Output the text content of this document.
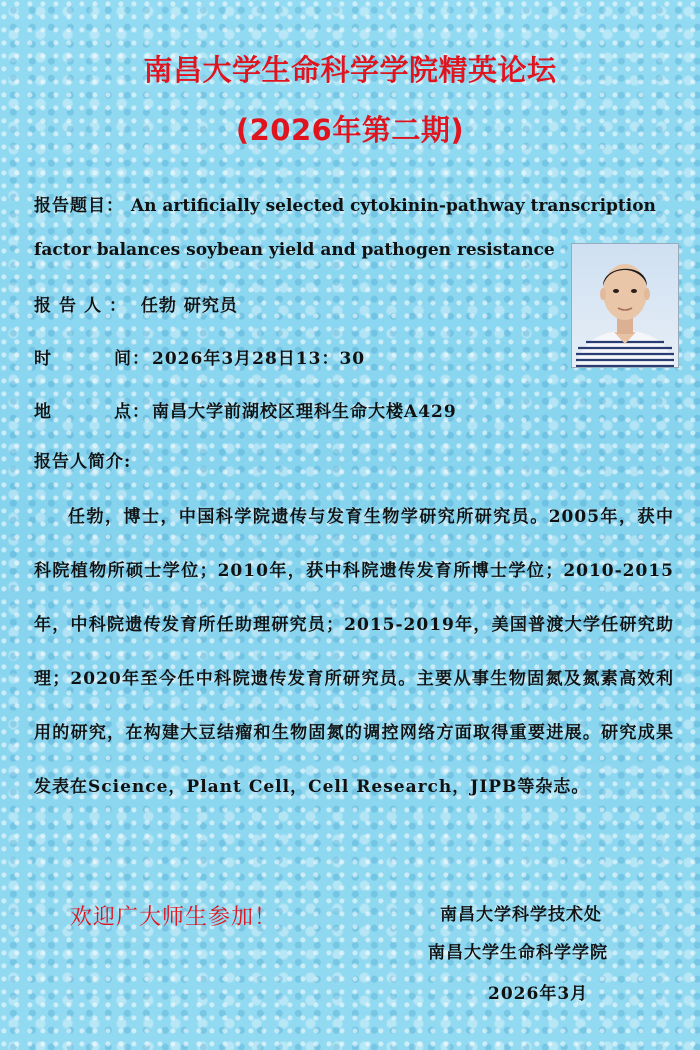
南昌大学生命科学学院精英论坛
(2026年第二期)
报告题目： An artificially selected cytokinin-pathway transcription
factor balances soybean yield and pathogen resistance
报告人： 任勃 研究员
时	间： 2026年3月28日13：30
地	点： 南昌大学前湖校区理科生命大楼A429
报告人简介:
任勃，博士，中国科学院遗传与发育生物学研究所研究员。2005年，获中科院植物所硕士学位；2010年，获中科院遗传发育所博士学位；2010-2015年，中科院遗传发育所任助理研究员；2015-2019年，美国普渡大学任研究助理；2020年至今任中科院遗传发育所研究员。主要从事生物固氮及氮素高效利用的研究，在构建大豆结瘤和生物固氮的调控网络方面取得重要进展。研究成果发表在Science，Plant Cell，Cell Research，JIPB等杂志。
欢迎广大师生参加！	南昌大学科学技术处
南昌大学生命科学学院
2026年3月
